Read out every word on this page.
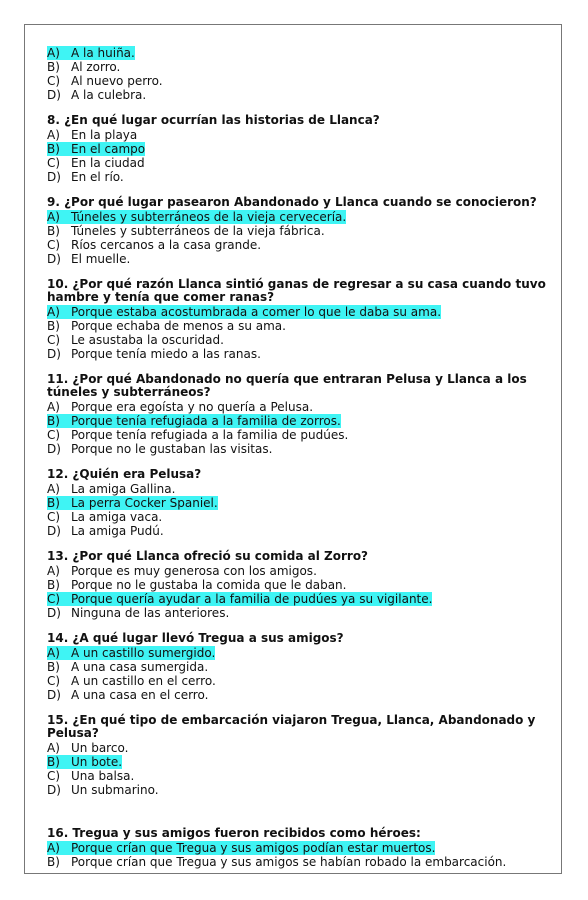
A) A la huiña.
B) Al zorro.
C) Al nuevo perro.
D) A la culebra.
8. ¿En qué lugar ocurrían las historias de Llanca?
A) En la playa
B) En el campo
C) En la ciudad
D) En el río.
9. ¿Por qué lugar pasearon Abandonado y Llanca cuando se conocieron?
A) Túneles y subterráneos de la vieja cervecería.
B) Túneles y subterráneos de la vieja fábrica.
C) Ríos cercanos a la casa grande.
D) El muelle.
10. ¿Por qué razón Llanca sintió ganas de regresar a su casa cuando tuvo hambre y tenía que comer ranas?
A) Porque estaba acostumbrada a comer lo que le daba su ama.
B) Porque echaba de menos a su ama.
C) Le asustaba la oscuridad.
D) Porque tenía miedo a las ranas.
11. ¿Por qué Abandonado no quería que entraran Pelusa y Llanca a los túneles y subterráneos?
A) Porque era egoísta y no quería a Pelusa.
B) Porque tenía refugiada a la familia de zorros.
C) Porque tenía refugiada a la familia de pudúes.
D) Porque no le gustaban las visitas.
12. ¿Quién era Pelusa?
A) La amiga Gallina.
B) La perra Cocker Spaniel.
C) La amiga vaca.
D) La amiga Pudú.
13. ¿Por qué Llanca ofreció su comida al Zorro?
A) Porque es muy generosa con los amigos.
B) Porque no le gustaba la comida que le daban.
C) Porque quería ayudar a la familia de pudúes ya su vigilante.
D) Ninguna de las anteriores.
14. ¿A qué lugar llevó Tregua a sus amigos?
A) A un castillo sumergido.
B) A una casa sumergida.
C) A un castillo en el cerro.
D) A una casa en el cerro.
15. ¿En qué tipo de embarcación viajaron Tregua, Llanca, Abandonado y Pelusa?
A) Un barco.
B) Un bote.
C) Una balsa.
D) Un submarino.
16. Tregua y sus amigos fueron recibidos como héroes:
A) Porque crían que Tregua y sus amigos podían estar muertos.
B) Porque crían que Tregua y sus amigos se habían robado la embarcación.
